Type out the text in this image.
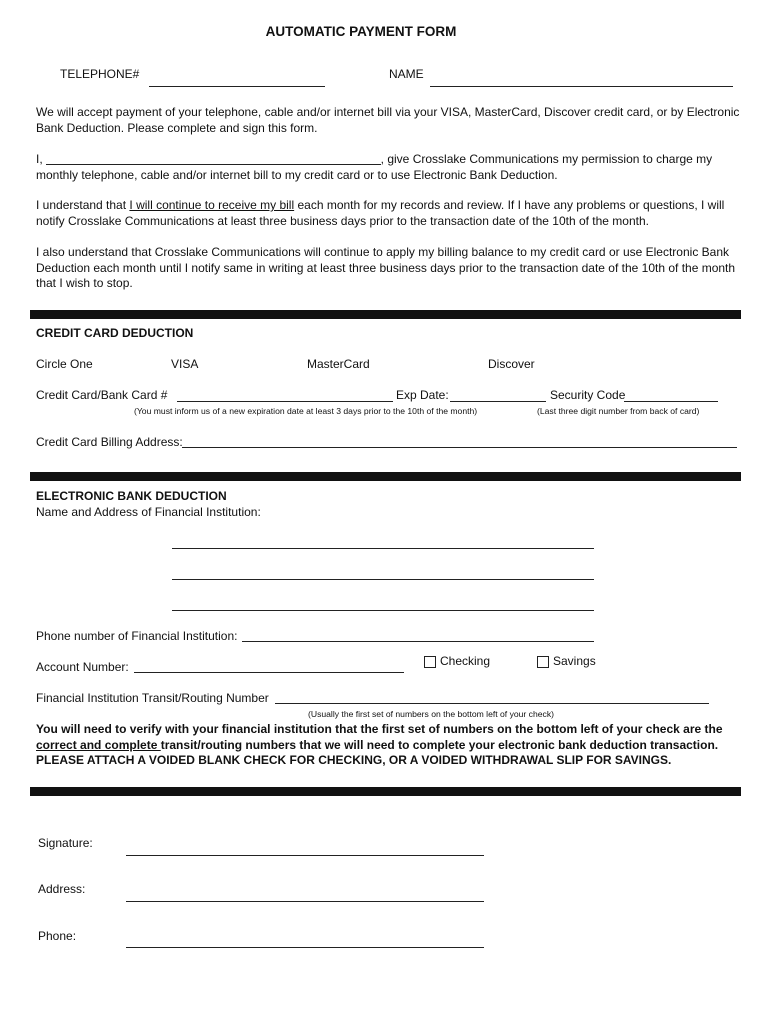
AUTOMATIC PAYMENT FORM
TELEPHONE#	NAME
We will accept payment of your telephone, cable and/or internet bill via your VISA, MasterCard, Discover credit card, or by Electronic
Bank Deduction. Please complete and sign this form.
I,	, give Crosslake Communications my permission to charge my
monthly telephone, cable and/or internet bill to my credit card or to use Electronic Bank Deduction.
I understand that I will continue to receive my bill each month for my records and review. If I have any problems or questions, I will
notify Crosslake Communications at least three business days prior to the transaction date of the 10th of the month.
I also understand that Crosslake Communications will continue to apply my billing balance to my credit card or use Electronic Bank
Deduction each month until I notify same in writing at least three business days prior to the transaction date of the 10th of the month
that I wish to stop.
CREDIT CARD DEDUCTION
Circle One	VISA	MasterCard	Discover
Credit Card/Bank Card #	Exp Date:	Security Code
(You must inform us of a new expiration date at least 3 days prior to the 10th of the month)	(Last three digit number from back of card)
Credit Card Billing Address:
ELECTRONIC BANK DEDUCTION
Name and Address of Financial Institution:
Phone number of Financial Institution:
Account Number:	Checking	Savings
Financial Institution Transit/Routing Number
(Usually the first set of numbers on the bottom left of your check)
You will need to verify with your financial institution that the first set of numbers on the bottom left of your check are the
correct and complete transit/routing numbers that we will need to complete your electronic bank deduction transaction.
PLEASE ATTACH A VOIDED BLANK CHECK FOR CHECKING, OR A VOIDED WITHDRAWAL SLIP FOR SAVINGS.
Signature:
Address:
Phone:
